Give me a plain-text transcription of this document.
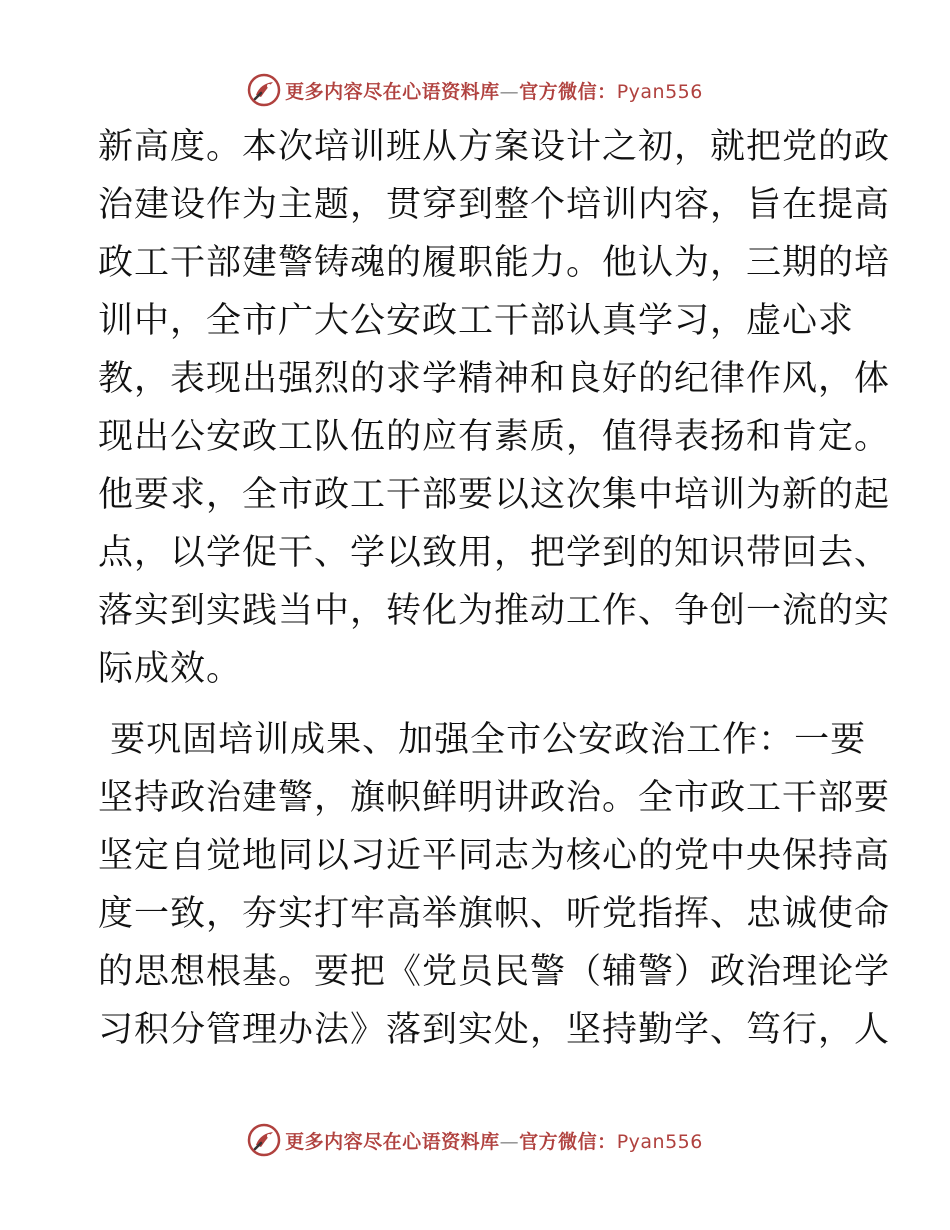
更多内容尽在心语资料库—官方微信：Pyan556
新高度。本次培训班从方案设计之初，就把党的政
治建设作为主题，贯穿到整个培训内容，旨在提高
政工干部建警铸魂的履职能力。他认为，三期的培
训中，全市广大公安政工干部认真学习，虚心求
教，表现出强烈的求学精神和良好的纪律作风，体
现出公安政工队伍的应有素质，值得表扬和肯定。
他要求，全市政工干部要以这次集中培训为新的起
点，以学促干、学以致用，把学到的知识带回去、
落实到实践当中，转化为推动工作、争创一流的实
际成效。
要巩固培训成果、加强全市公安政治工作：一要
坚持政治建警，旗帜鲜明讲政治。全市政工干部要
坚定自觉地同以习近平同志为核心的党中央保持高
度一致，夯实打牢高举旗帜、听党指挥、忠诚使命
的思想根基。要把《党员民警（辅警）政治理论学
习积分管理办法》落到实处，坚持勤学、笃行，人
更多内容尽在心语资料库—官方微信：Pyan556
